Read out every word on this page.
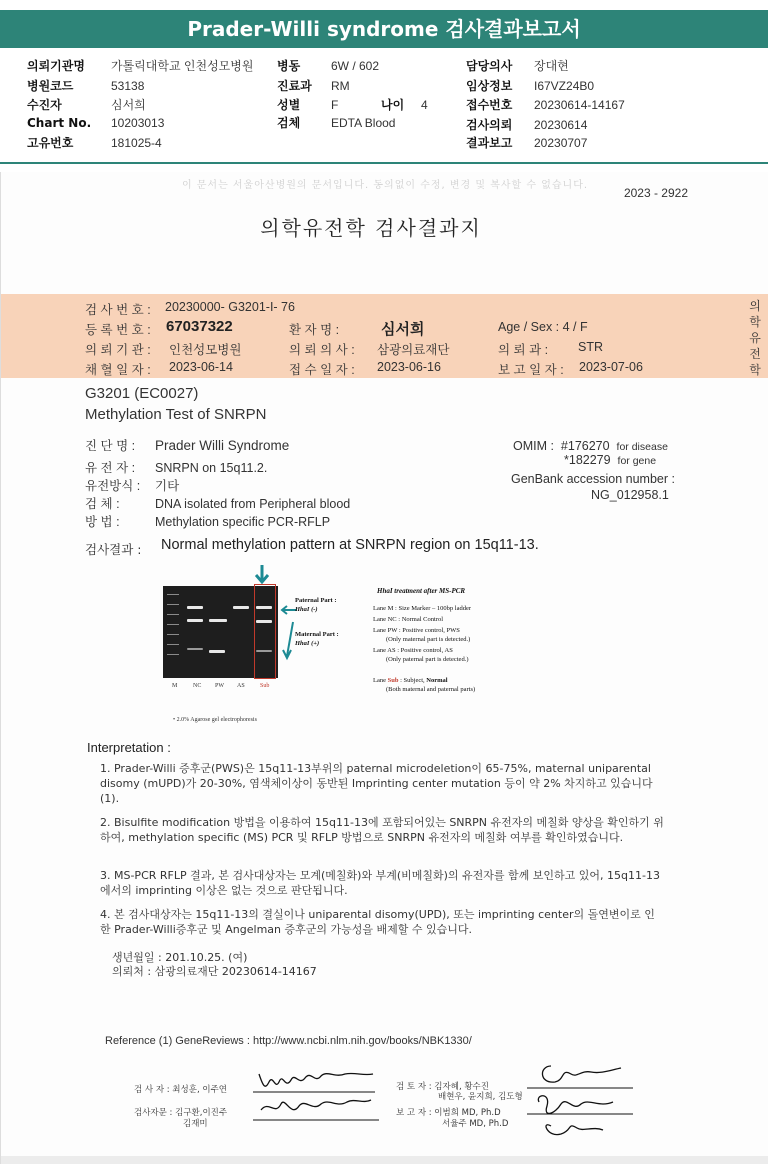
Prader-Willi syndrome 검사결과보고서
의뢰기관명 가톨릭대학교 인천성모병원
병원코드	53138
수진자	심서희
Chart No. 10203013
고유번호	181025-4
병동	6W / 602
진료과 RM
성별	F	나이 4
검체	EDTA Blood
담당의사 장대현
임상정보 I67VZ24B0
접수번호 20230614-14167
검사의뢰 20230614
결과보고 20230707
이 문서는 서울아산병원의 문서입니다. 동의없이 수정, 변경 및 복사할 수 없습니다.
2023 - 2922
의학유전학 검사결과지
검 사 번 호 : 20230000- G3201-I- 76
등 록 번 호 : 67037322	환 자 명 :	심서희	Age / Sex : 4 / F
의 뢰 기 관 : 인천성모병원	의 뢰 의 사 : 삼광의료재단	의 뢰 과 : STR
채 혈 일 자 : 2023-06-14	접 수 일 자 : 2023-06-16	보 고 일 자 : 2023-07-06
의학유전학
G3201 (EC0027)
Methylation Test of SNRPN
진 단 명 : Prader Willi Syndrome
유 전 자 : SNRPN on 15q11.2.
유전방식 : 기타
검 체 :	DNA isolated from Peripheral blood
방 법 :	Methylation specific PCR-RFLP
OMIM : #176270 for disease
*182279 for gene
GenBank accession number :
NG_012958.1
검사결과 : Normal methylation pattern at SNRPN region on 15q11-13.
M	NC PW AS	Sub
Paternal Part :
HhaI (-)
Maternal Part :
HhaI (+)
HhaI treatment after MS-PCR
Lane M : Size Marker – 100bp ladder
Lane NC : Normal Control
Lane PW : Positive control, PWS
(Only maternal part is detected.)
Lane AS : Positive control, AS
(Only paternal part is detected.)
Lane Sub : Subject, Normal
(Both maternal and paternal parts)
• 2.0% Agarose gel electrophoresis
Interpretation :
1. Prader-Willi 증후군(PWS)은 15q11-13부위의 paternal microdeletion이 65-75%, maternal uniparental disomy (mUPD)가 20-30%, 염색체이상이 동반된 Imprinting center mutation 등이 약 2% 차지하고 있습니다 (1).
2. Bisulfite modification 방법을 이용하여 15q11-13에 포함되어있는 SNRPN 유전자의 메칠화 양상을 확인하기 위하여, methylation specific (MS) PCR 및 RFLP 방법으로 SNRPN 유전자의 메칠화 여부를 확인하였습니다.
3. MS-PCR RFLP 결과, 본 검사대상자는 모계(메칠화)와 부계(비메칠화)의 유전자를 함께 보인하고 있어, 15q11-13에서의 imprinting 이상은 없는 것으로 판단됩니다.
4. 본 검사대상자는 15q11-13의 결실이나 uniparental disomy(UPD), 또는 imprinting center의 돌연변이로 인한 Prader-Willi증후군 및 Angelman 증후군의 가능성을 배제할 수 있습니다.
생년월일 : 201.10.25. (여)
의뢰처 : 삼광의료재단 20230614-14167
Reference (1) GeneReviews : http://www.ncbi.nlm.nih.gov/books/NBK1330/
검 사 자 : 최성훈, 이주연
검사자문 : 김구환,이진주
김재미
검 토 자 : 김자혜, 황수진
배현우, 윤지희, 김도형
보 고 자 : 이범희 MD, Ph.D
서율주 MD, Ph.D
